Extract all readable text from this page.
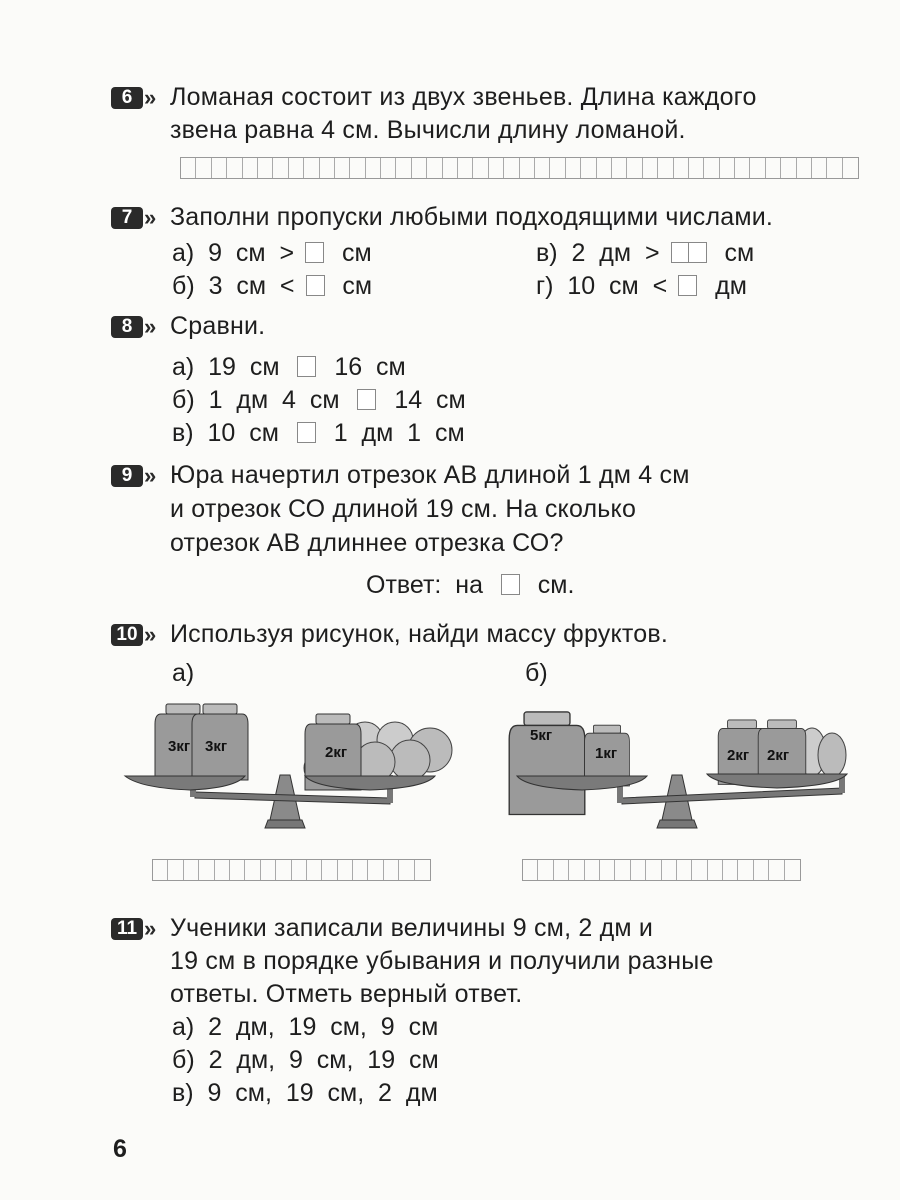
6 » Ломаная состоит из двух звеньев. Длина каждого
звена равна 4 см. Вычисли длину ломаной.
7 » Заполни пропуски любыми подходящими числами.
а) 9  см  > см
б) 3  см  < см
в) 2  дм  >	см
г) 10  см  < дм
8 » Сравни.
а) 19  см 16  см
б) 1  дм  4  см 14  см
в) 10  см 1  дм  1  см
9 » Юра начертил отрезок АВ длиной 1 дм 4 см
и отрезок СО длиной 19 см. На сколько
отрезок АВ длиннее отрезка СО?
Ответ:  на см.
10 » Используя рисунок, найди массу фруктов.
а)	б)
3кг 3кг	2кг
5кг
1кг	2кг 2кг
11 » Ученики записали величины 9 см, 2 дм и
19 см в порядке убывания и получили разные
ответы. Отметь верный ответ.
а) 2  дм,  19  см,  9  см
б) 2  дм,  9  см,  19  см
в) 9  см,  19  см,  2  дм
6
